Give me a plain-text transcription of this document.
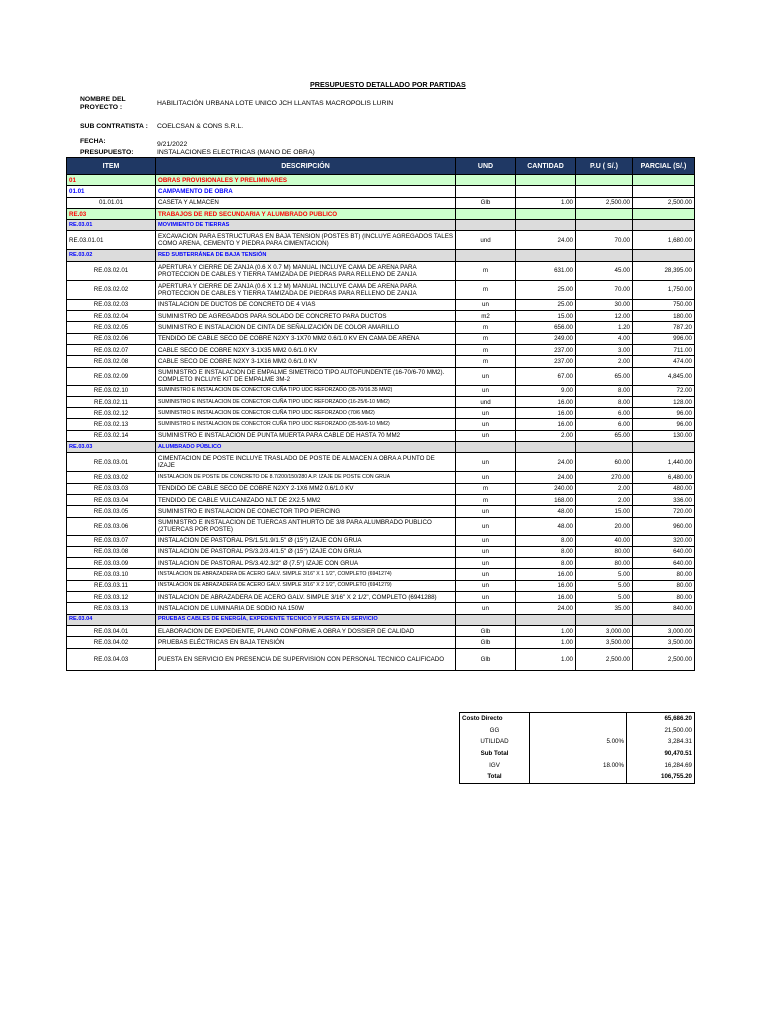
PRESUPUESTO DETALLADO POR PARTIDAS
NOMBRE DEL PROYECTO :
HABILITACIÓN URBANA LOTE UNICO JCH LLANTAS MACROPOLIS LURIN
SUB CONTRATISTA : COELCSAN & CONS S.R.L.
FECHA:	9/21/2022
PRESUPUESTO:	INSTALACIONES ELECTRICAS (MANO DE OBRA)
ITEM	DESCRIPCIÓN	UND	CANTIDAD	P.U ( S/.)	PARCIAL (S/.)
01	OBRAS PROVISIONALES Y PRELIMINARES				
01.01	CAMPAMENTO DE OBRA				
01.01.01	CASETA Y ALMACEN	Glb	1.00	2,500.00	2,500.00
RE.03	TRABAJOS DE RED SECUNDARIA Y ALUMBRADO PUBLICO				
RE.03.01	MOVIMIENTO DE TIERRAS				
RE.03.01.01	EXCAVACION PARA ESTRUCTURAS EN BAJA TENSION (POSTES BT) (INCLUYE AGREGADOS TALES COMO ARENA, CEMENTO Y PIEDRA PARA CIMENTACION)	und	24.00	70.00	1,680.00
RE.03.02	RED SUBTERRÁNEA DE BAJA TENSIÓN				
RE.03.02.01	APERTURA Y CIERRE DE ZANJA (0.6 X 0.7 M) MANUAL INCLUYE CAMA DE ARENA PARA PROTECCION DE CABLES Y TIERRA TAMIZADA DE PIEDRAS PARA RELLENO DE ZANJA	m	631.00	45.00	28,395.00
RE.03.02.02	APERTURA Y CIERRE DE ZANJA (0.6 X 1.2 M) MANUAL INCLUYE CAMA DE ARENA PARA PROTECCION DE CABLES Y TIERRA TAMIZADA DE PIEDRAS PARA RELLENO DE ZANJA	m	25.00	70.00	1,750.00
RE.03.02.03	INSTALACION DE DUCTOS DE CONCRETO DE 4 VIAS	un	25.00	30.00	750.00
RE.03.02.04	SUMINISTRO DE AGREGADOS PARA SOLADO DE CONCRETO PARA DUCTOS	m2	15.00	12.00	180.00
RE.03.02.05	SUMINISTRO E INSTALACION DE CINTA DE SEÑALIZACIÓN DE COLOR AMARILLO	m	656.00	1.20	787.20
RE.03.02.06	TENDIDO DE CABLE SECO DE COBRE N2XY 3-1X70 MM2 0.6/1.0 KV EN CAMA DE ARENA	m	249.00	4.00	996.00
RE.03.02.07	CABLE SECO DE COBRE N2XY 3-1X35 MM2 0.6/1.0 KV	m	237.00	3.00	711.00
RE.03.02.08	CABLE SECO DE COBRE N2XY 3-1X16 MM2 0.6/1.0 KV	m	237.00	2.00	474.00
RE.03.02.09	SUMINISTRO E INSTALACION DE EMPALME SIMETRICO TIPO AUTOFUNDENTE (16-70/6-70 MM2). COMPLETO INCLUYE KIT DE EMPALME 3M-2	un	67.00	65.00	4,845.00
RE.03.02.10	SUMINISTRO E INSTALACION DE CONECTOR CUÑA TIPO UDC REFORZADO (35-70/16.35 MM2)	un	9.00	8.00	72.00
RE.03.02.11	SUMINISTRO E INSTALACION DE CONECTOR CUÑA TIPO UDC REFORZADO (16-25/6-10 MM2)	und	16.00	8.00	128.00
RE.03.02.12	SUMINISTRO E INSTALACION DE CONECTOR CUÑA TIPO UDC REFORZADO (70/6 MM2)	un	16.00	6.00	96.00
RE.03.02.13	SUMINISTRO E INSTALACION DE CONECTOR CUÑA TIPO UDC REFORZADO (35-50/6-10 MM2)	un	16.00	6.00	96.00
RE.03.02.14	SUMINISTRO E INSTALACION DE PUNTA MUERTA PARA CABLE DE HASTA 70 MM2	un	2.00	65.00	130.00
RE.03.03	ALUMBRADO PÚBLICO				
RE.03.03.01	CIMENTACION DE POSTE INCLUYE TRASLADO DE POSTE DE ALMACEN A OBRA A PUNTO DE IZAJE	un	24.00	60.00	1,440.00
RE.03.03.02	INSTALACION DE POSTE DE CONCRETO DE 8.7/200/150/280 A.P. IZAJE DE POSTE CON GRUA	un	24.00	270.00	6,480.00
RE.03.03.03	TENDIDO DE CABLE SECO DE COBRE N2XY 2-1X6 MM2 0.6/1.0 KV	m	240.00	2.00	480.00
RE.03.03.04	TENDIDO DE CABLE VULCANIZADO NLT DE 2X2.5 MM2	m	168.00	2.00	336.00
RE.03.03.05	SUMINISTRO E INSTALACION DE CONECTOR TIPO PIERCING	un	48.00	15.00	720.00
RE.03.03.06	SUMINISTRO E INSTALACION DE TUERCAS ANTIHURTO DE 3/8 PARA ALUMBRADO PUBLICO (2TUERCAS POR POSTE)	un	48.00	20.00	960.00
RE.03.03.07	INSTALACION DE PASTORAL PS/1.5/1.9/1.5" Ø (15°) IZAJE CON GRUA	un	8.00	40.00	320.00
RE.03.03.08	INSTALACION DE PASTORAL PS/3.2/3.4/1.5" Ø (15°) IZAJE CON GRUA	un	8.00	80.00	640.00
RE.03.03.09	INSTALACION DE PASTORAL PS/3.4/2.3/2" Ø (7.5°) IZAJE CON GRUA	un	8.00	80.00	640.00
RE.03.03.10	INSTALACION DE ABRAZADERA DE ACERO GALV. SIMPLE 3/16" X 1 1/2", COMPLETO (6941274)	un	16.00	5.00	80.00
RE.03.03.11	INSTALACION DE ABRAZADERA DE ACERO GALV. SIMPLE 3/16" X 2 1/2", COMPLETO (6941279)	un	16.00	5.00	80.00
RE.03.03.12	INSTALACION DE ABRAZADERA DE ACERO GALV. SIMPLE 3/16" X 2 1/2", COMPLETO (6941288)	un	16.00	5.00	80.00
RE.03.03.13	INSTALACION DE LUMINARIA DE SODIO NA 150W	un	24.00	35.00	840.00
RE.03.04	PRUEBAS CABLES DE ENERGÍA, EXPEDIENTE TECNICO Y PUESTA EN SERVICIO				
RE.03.04.01	ELABORACION DE EXPEDIENTE, PLANO CONFORME A OBRA Y DOSSIER DE CALIDAD	Glb	1.00	3,000.00	3,000.00
RE.03.04.02	PRUEBAS ELÉCTRICAS EN BAJA TENSIÓN	Glb	1.00	3,500.00	3,500.00
RE.03.04.03	PUESTA EN SERVICIO EN PRESENCIA DE SUPERVISION CON PERSONAL TECNICO CALIFICADO	Glb	1.00	2,500.00	2,500.00
Costo Directo		65,686.20
GG		21,500.00
UTILIDAD	5.00%	3,284.31
Sub Total		90,470.51
IGV	18.00%	16,284.69
Total		106,755.20
